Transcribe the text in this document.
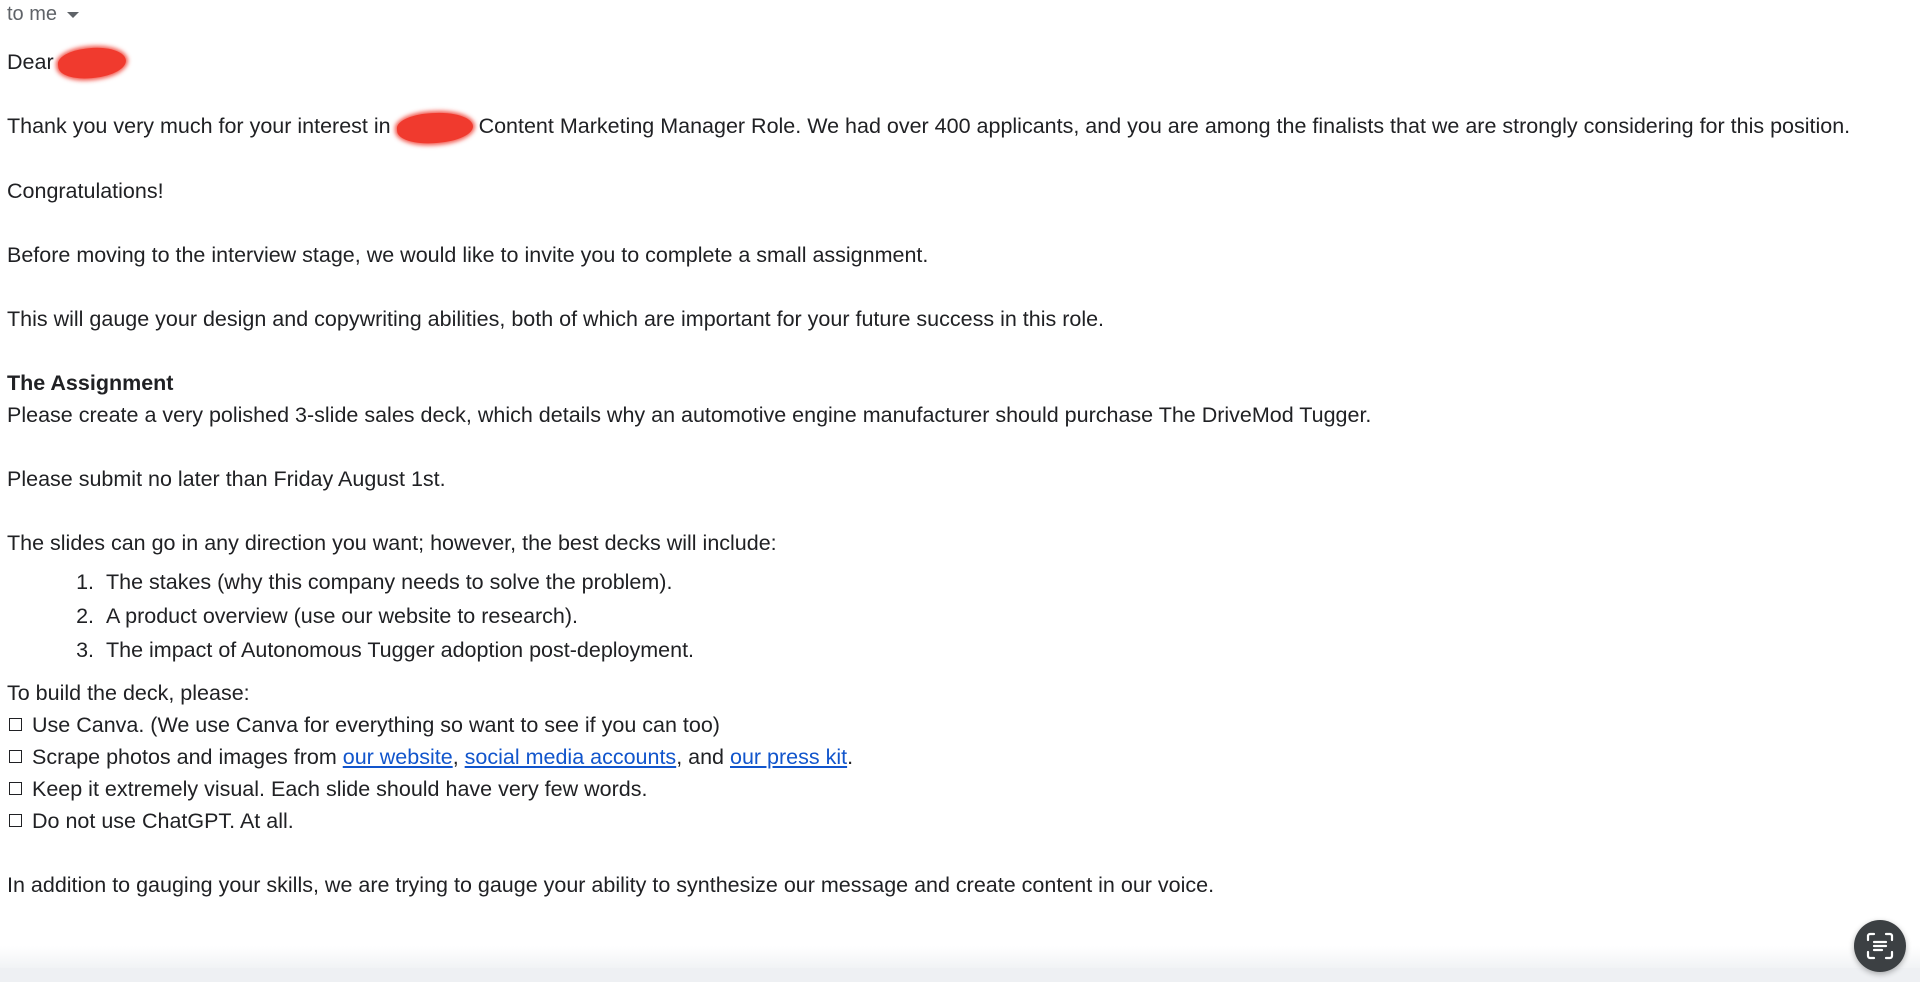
to me
Dear
Thank you very much for your interest in	Content Marketing Manager Role. We had over 400 applicants, and you are among the finalists that we are strongly considering for this position.
Congratulations!
Before moving to the interview stage, we would like to invite you to complete a small assignment.
This will gauge your design and copywriting abilities, both of which are important for your future success in this role.
The Assignment
Please create a very polished 3-slide sales deck, which details why an automotive engine manufacturer should purchase The DriveMod Tugger.
Please submit no later than Friday August 1st.
The slides can go in any direction you want; however, the best decks will include:
1. The stakes (why this company needs to solve the problem).
2. A product overview (use our website to research).
3. The impact of Autonomous Tugger adoption post-deployment.
To build the deck, please:
Use Canva. (We use Canva for everything so want to see if you can too)
Scrape photos and images from
our website ,
social media accounts , and
our press kit .
Keep it extremely visual. Each slide should have very few words.
Do not use ChatGPT. At all.
In addition to gauging your skills, we are trying to gauge your ability to synthesize our message and create content in our voice.
